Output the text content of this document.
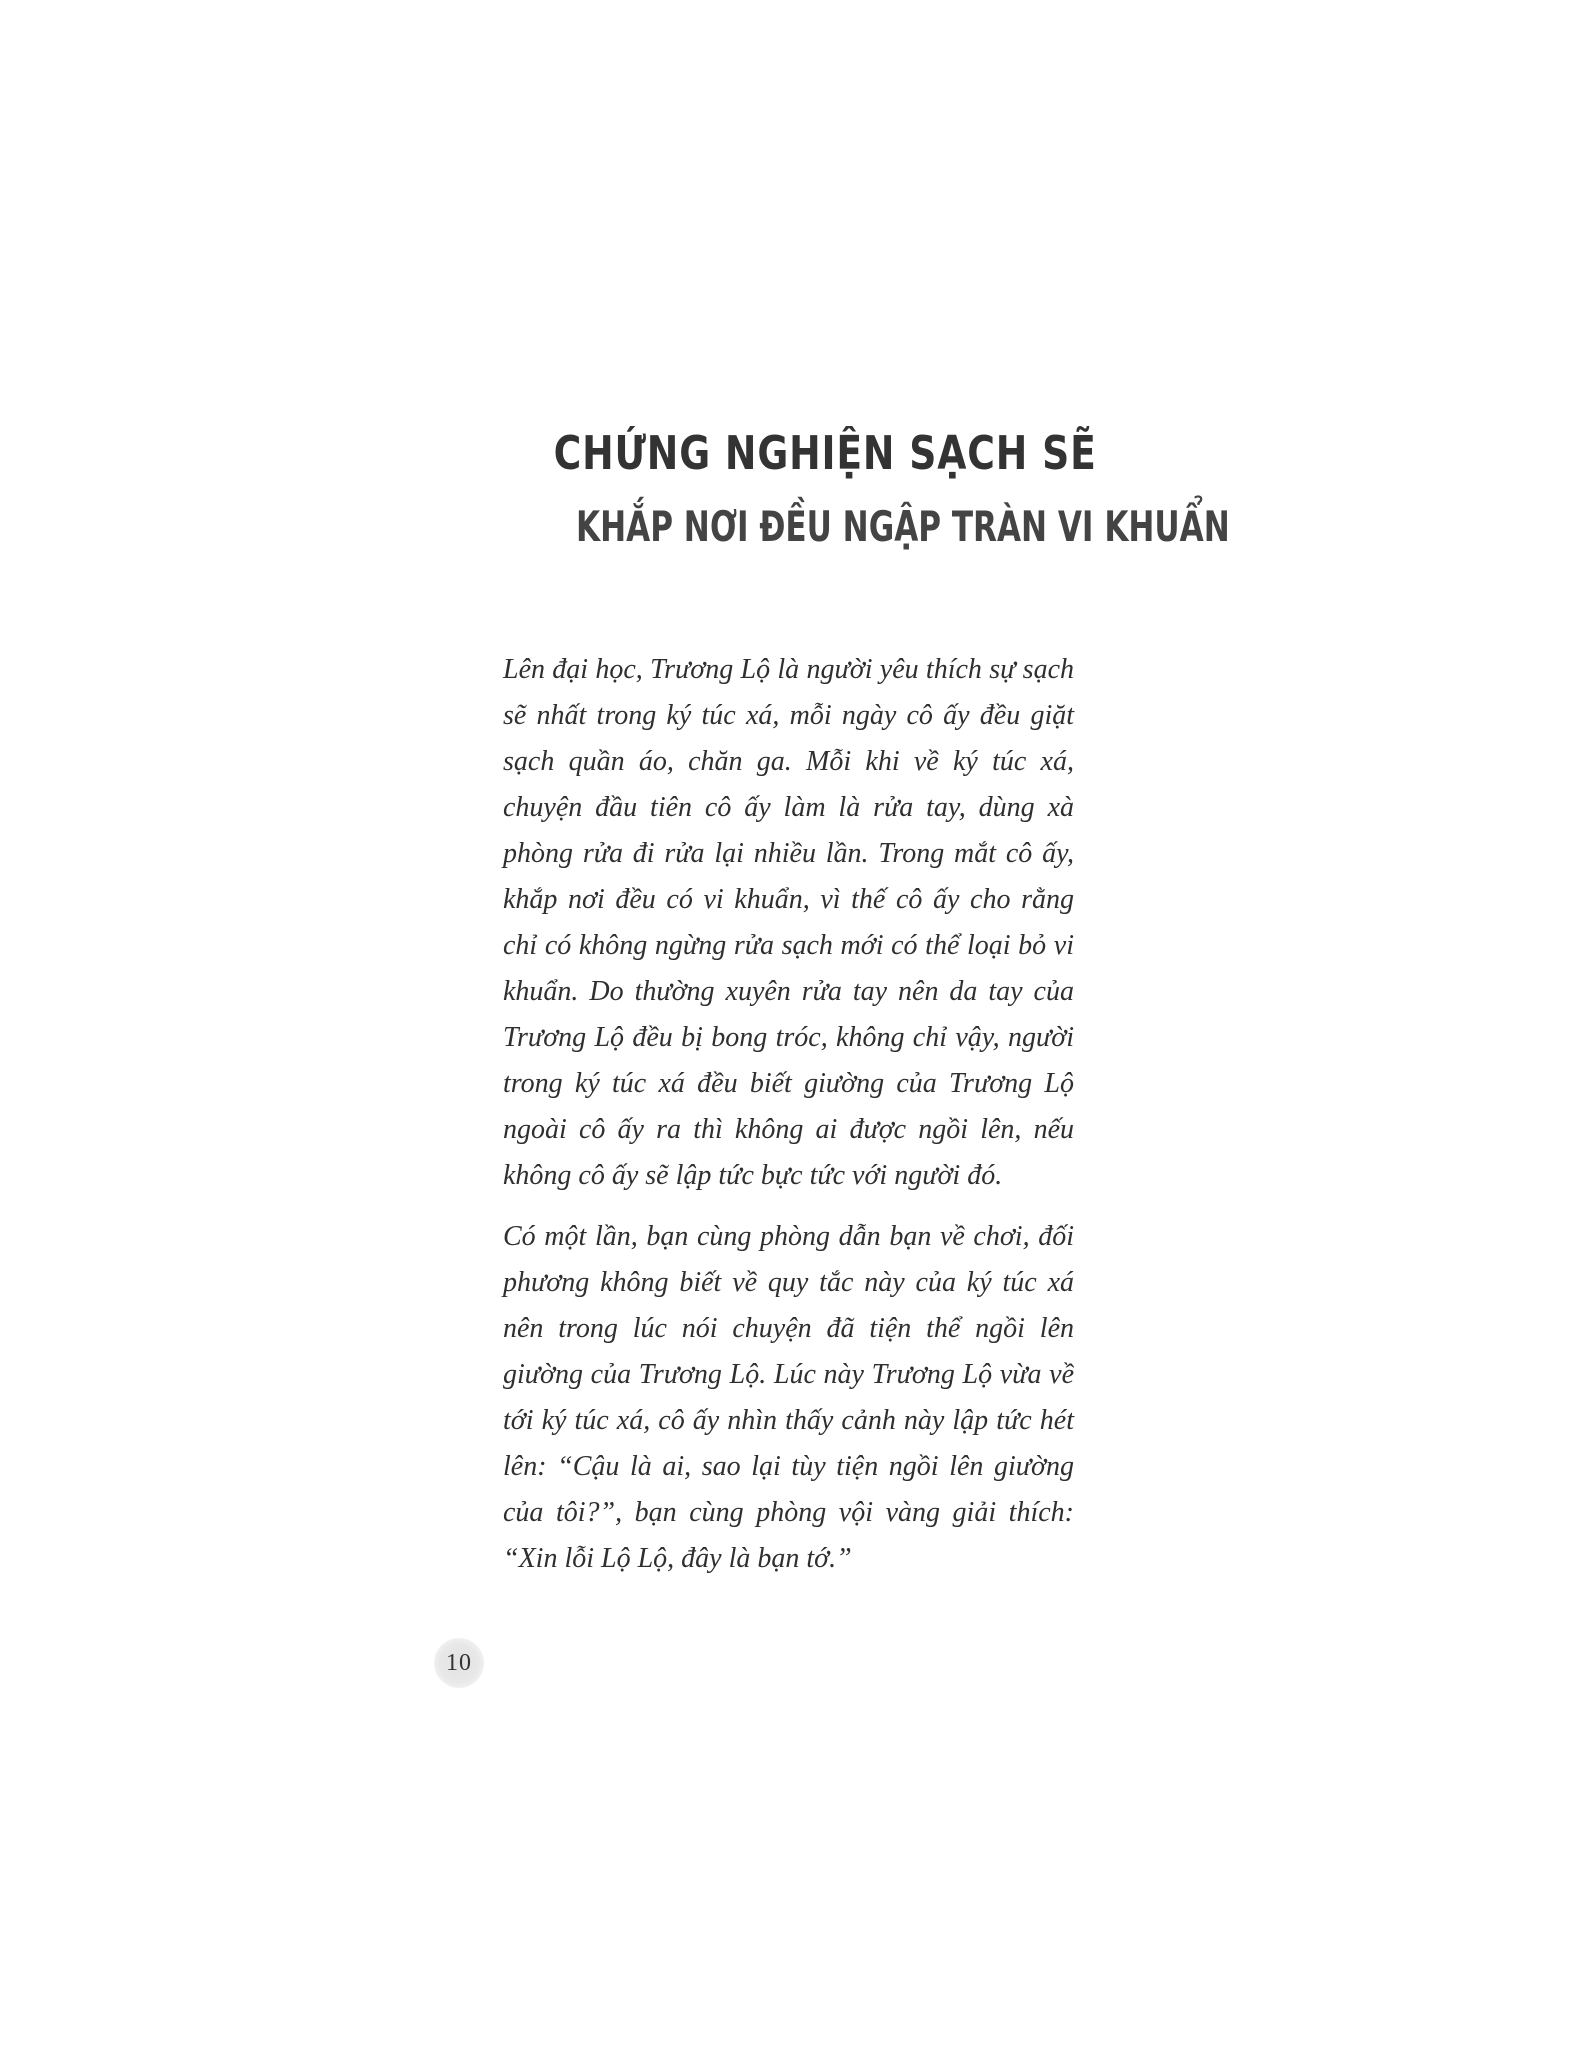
CHỨNG NGHIỆN SẠCH SẼ
KHẮP NƠI ĐỀU NGẬP TRÀN VI KHUẨN

Lên đại học, Trương Lộ là người yêu thích sự sạch sẽ nhất trong ký túc xá, mỗi ngày cô ấy đều giặt sạch quần áo, chăn ga. Mỗi khi về ký túc xá, chuyện đầu tiên cô ấy làm là rửa tay, dùng xà phòng rửa đi rửa lại nhiều lần. Trong mắt cô ấy, khắp nơi đều có vi khuẩn, vì thế cô ấy cho rằng chỉ có không ngừng rửa sạch mới có thể loại bỏ vi khuẩn. Do thường xuyên rửa tay nên da tay của Trương Lộ đều bị bong tróc, không chỉ vậy, người trong ký túc xá đều biết giường của Trương Lộ ngoài cô ấy ra thì không ai được ngồi lên, nếu không cô ấy sẽ lập tức bực tức với người đó.

Có một lần, bạn cùng phòng dẫn bạn về chơi, đối phương không biết về quy tắc này của ký túc xá nên trong lúc nói chuyện đã tiện thể ngồi lên giường của Trương Lộ. Lúc này Trương Lộ vừa về tới ký túc xá, cô ấy nhìn thấy cảnh này lập tức hét lên: “Cậu là ai, sao lại tùy tiện ngồi lên giường của tôi?”, bạn cùng phòng vội vàng giải thích: “Xin lỗi Lộ Lộ, đây là bạn tớ.”

10
